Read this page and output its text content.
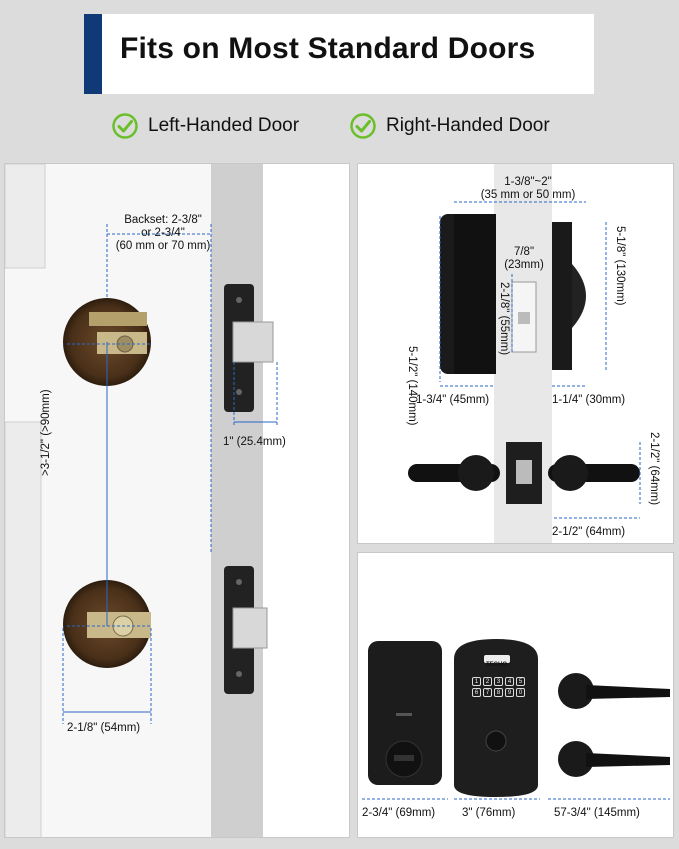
Fits on Most Standard Doors
Left-Handed Door	Right-Handed Door
Backset: 2-3/8"
or 2-3/4"
(60 mm or 70 mm)
1" (25.4mm)
>3-1/2" (>90mm)
2-1/8" (54mm)
1-3/8"~2"
(35 mm or 50 mm)
5-1/2" (140mm)
7/8"
(23mm)
2-1/8" (55mm)
5-1/8" (130mm)
1-3/4" (45mm)	1-1/4" (30mm)
2-1/2" (64mm)
2-1/2" (64mm)
TECHO
1	2	3	4	5
6	7	8	9	0
2-3/4" (69mm) 3" (76mm)	57-3/4" (145mm)
